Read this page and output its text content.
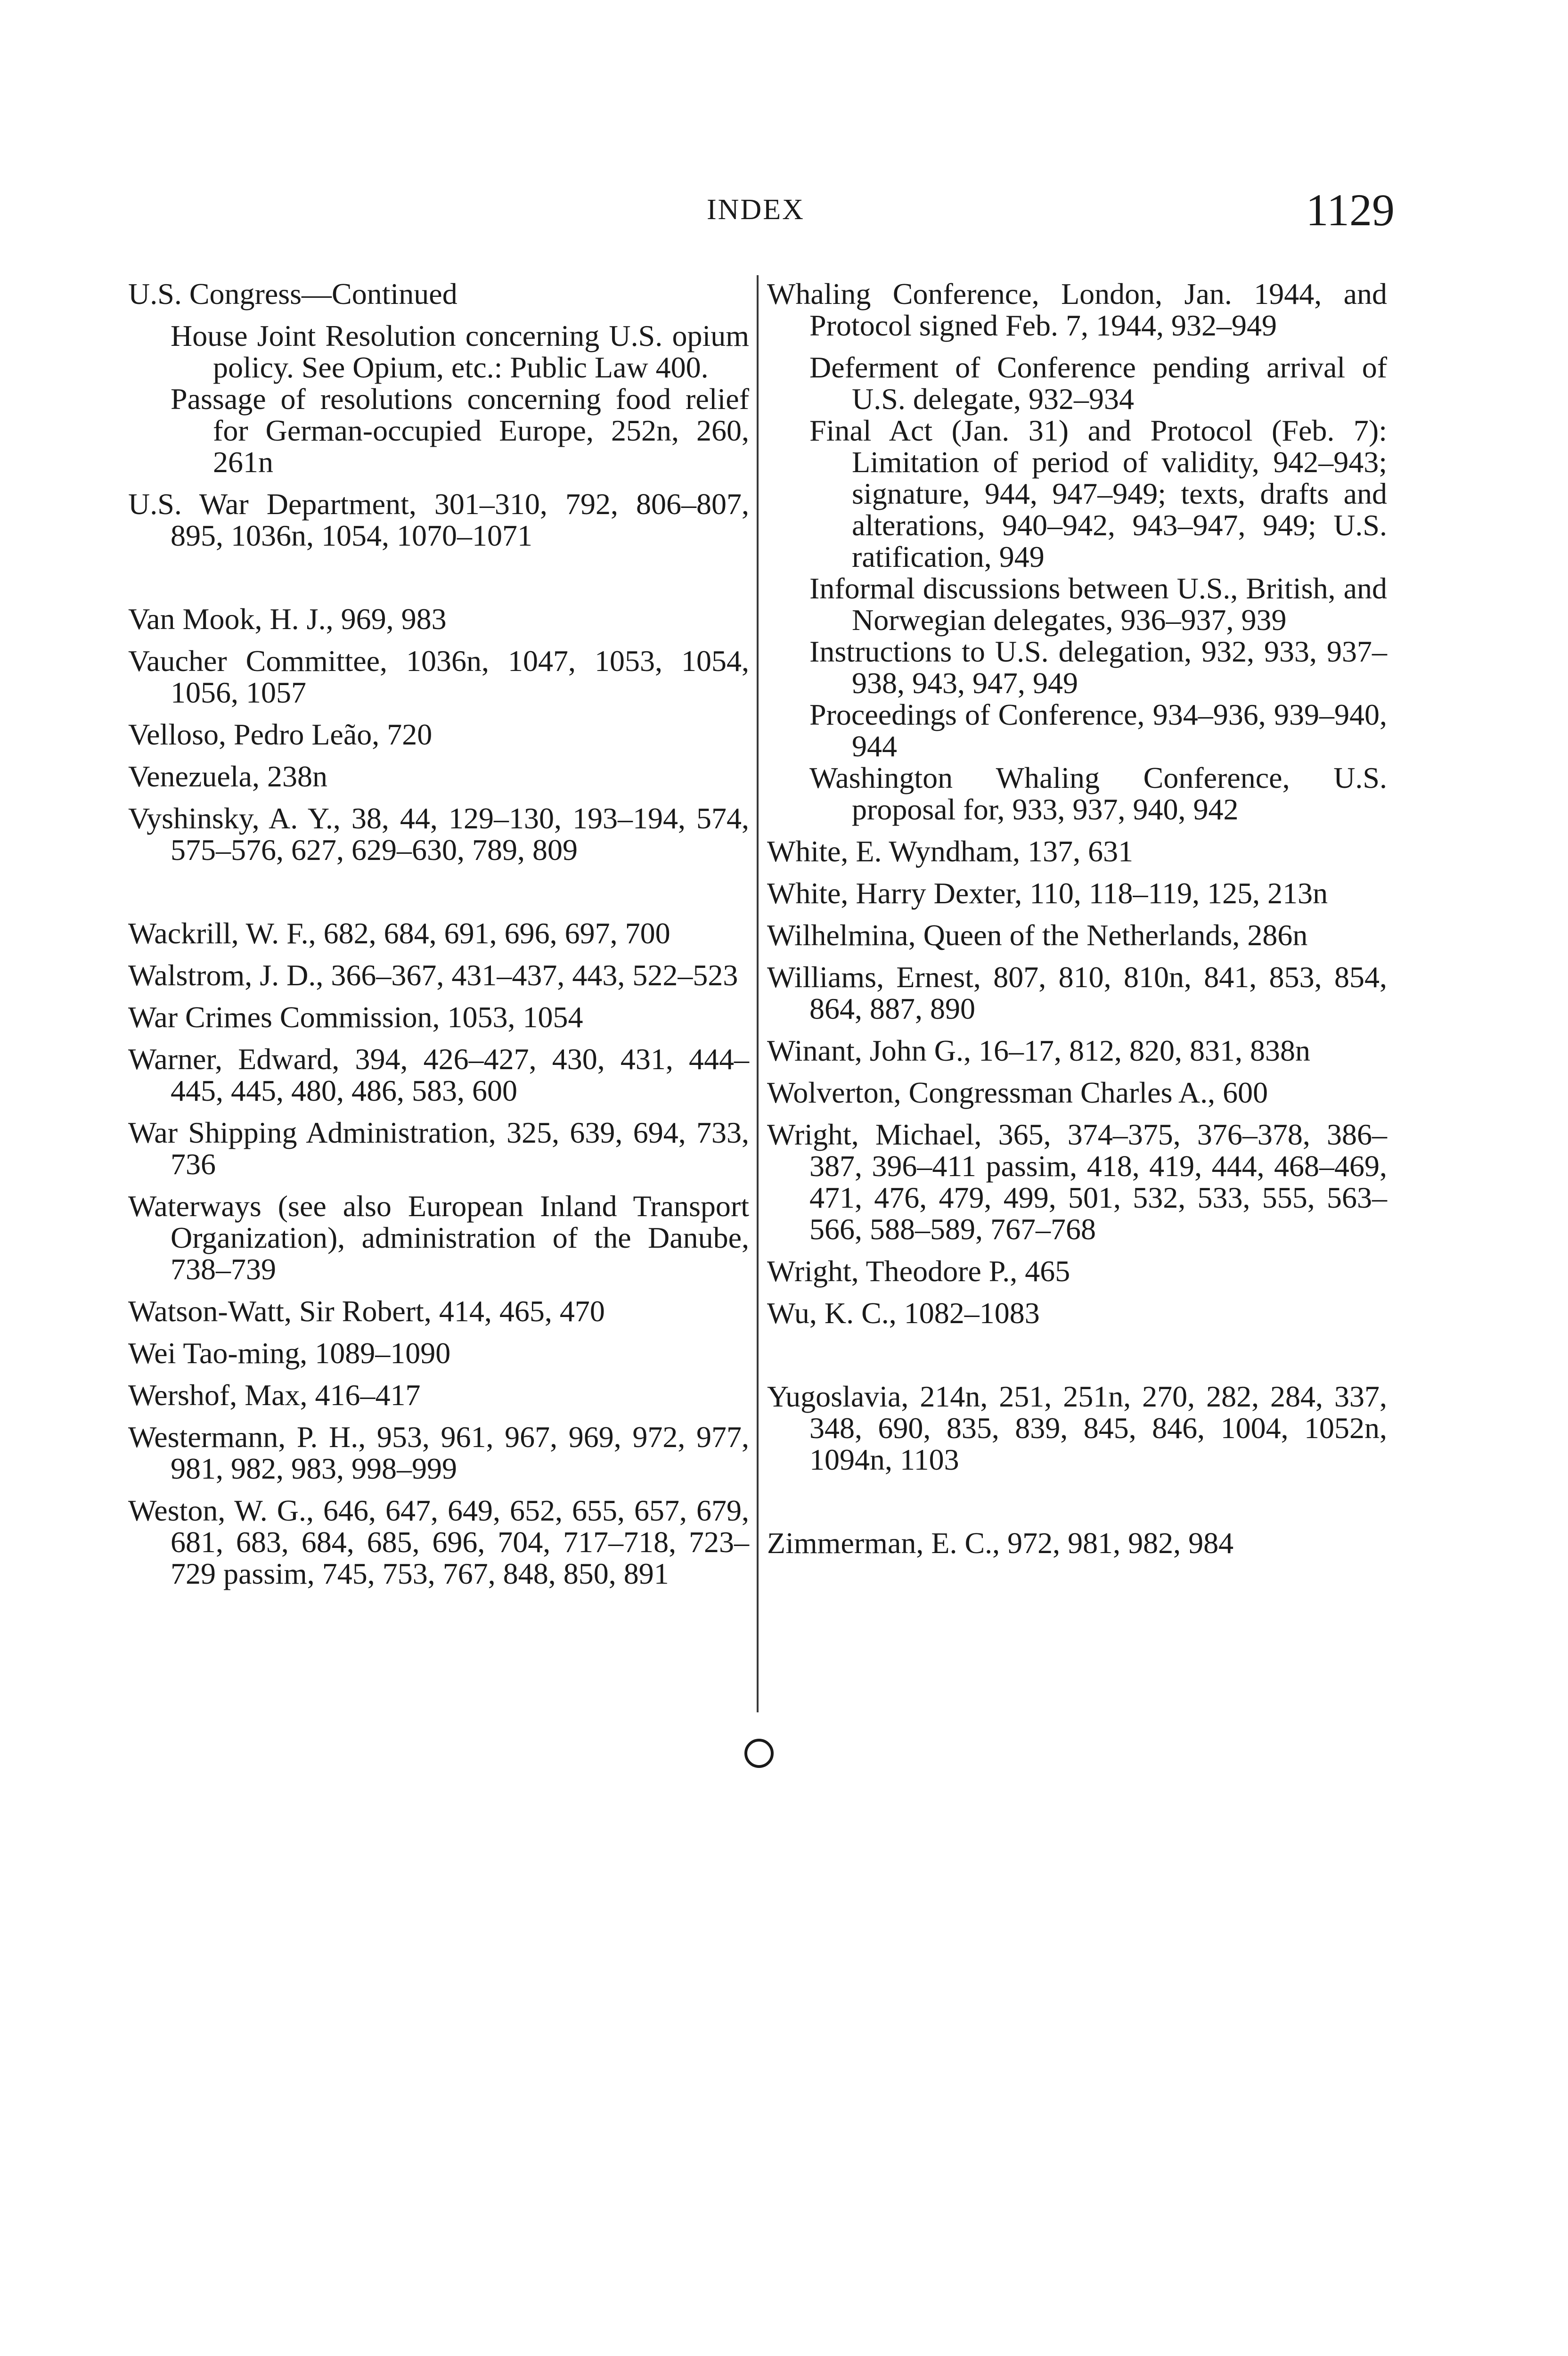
INDEX	1129

U.S. Congress—Continued

House Joint Resolution concerning U.S. opium policy. See Opium, etc.: Public Law 400.

Passage of resolutions concerning food relief for German-occupied Europe, 252n, 260, 261n

U.S. War Department, 301–310, 792, 806–807, 895, 1036n, 1054, 1070–1071

Van Mook, H. J., 969, 983

Vaucher Committee, 1036n, 1047, 1053, 1054, 1056, 1057

Velloso, Pedro Leão, 720

Venezuela, 238n

Vyshinsky, A. Y., 38, 44, 129–130, 193–194, 574, 575–576, 627, 629–630, 789, 809

Wackrill, W. F., 682, 684, 691, 696, 697, 700

Walstrom, J. D., 366–367, 431–437, 443, 522–523

War Crimes Commission, 1053, 1054

Warner, Edward, 394, 426–427, 430, 431, 444–445, 445, 480, 486, 583, 600

War Shipping Administration, 325, 639, 694, 733, 736

Waterways (see also European Inland Transport Organization), administration of the Danube, 738–739

Watson-Watt, Sir Robert, 414, 465, 470

Wei Tao-ming, 1089–1090

Wershof, Max, 416–417

Westermann, P. H., 953, 961, 967, 969, 972, 977, 981, 982, 983, 998–999

Weston, W. G., 646, 647, 649, 652, 655, 657, 679, 681, 683, 684, 685, 696, 704, 717–718, 723–729 passim, 745, 753, 767, 848, 850, 891

Whaling Conference, London, Jan. 1944, and Protocol signed Feb. 7, 1944, 932–949

Deferment of Conference pending arrival of U.S. delegate, 932–934

Final Act (Jan. 31) and Protocol (Feb. 7): Limitation of period of validity, 942–943; signature, 944, 947–949; texts, drafts and alterations, 940–942, 943–947, 949; U.S. ratification, 949

Informal discussions between U.S., British, and Norwegian delegates, 936–937, 939

Instructions to U.S. delegation, 932, 933, 937–938, 943, 947, 949

Proceedings of Conference, 934–936, 939–940, 944

Washington Whaling Conference, U.S. proposal for, 933, 937, 940, 942

White, E. Wyndham, 137, 631

White, Harry Dexter, 110, 118–119, 125, 213n

Wilhelmina, Queen of the Netherlands, 286n

Williams, Ernest, 807, 810, 810n, 841, 853, 854, 864, 887, 890

Winant, John G., 16–17, 812, 820, 831, 838n

Wolverton, Congressman Charles A., 600

Wright, Michael, 365, 374–375, 376–378, 386–387, 396–411 passim, 418, 419, 444, 468–469, 471, 476, 479, 499, 501, 532, 533, 555, 563–566, 588–589, 767–768

Wright, Theodore P., 465

Wu, K. C., 1082–1083

Yugoslavia, 214n, 251, 251n, 270, 282, 284, 337, 348, 690, 835, 839, 845, 846, 1004, 1052n, 1094n, 1103

Zimmerman, E. C., 972, 981, 982, 984
